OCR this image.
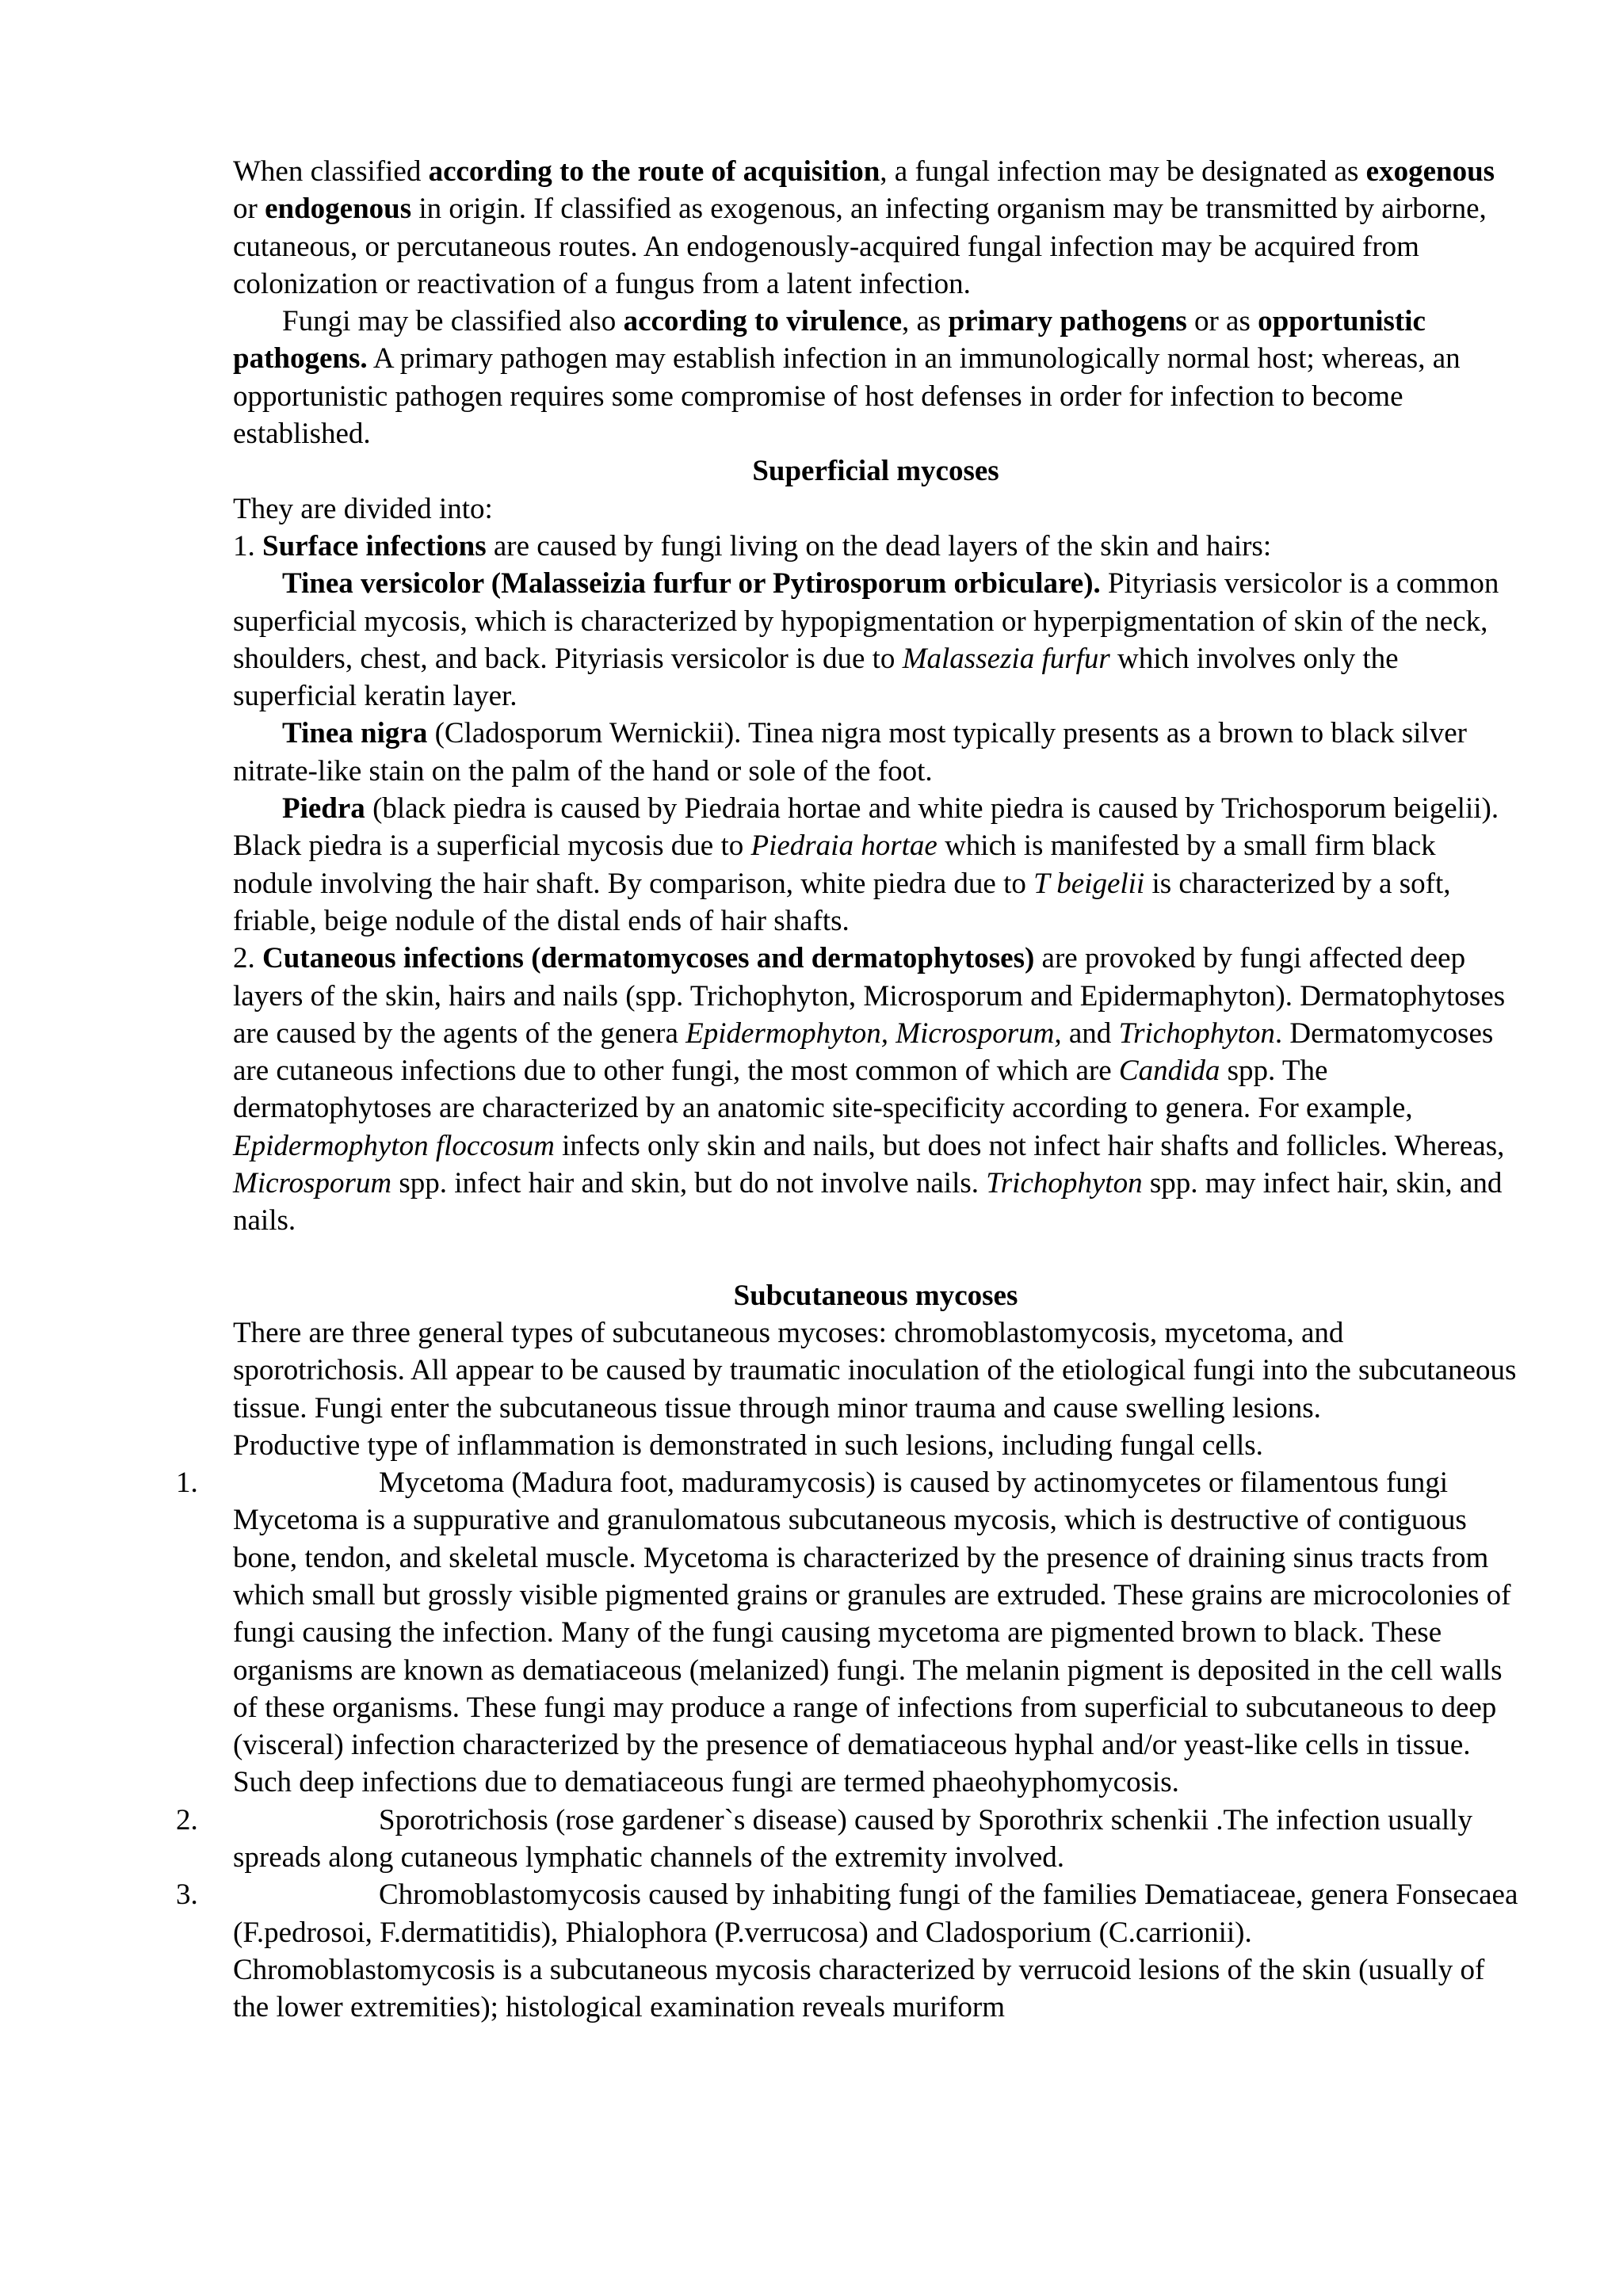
When classified according to the route of acquisition, a fungal infection may be designated as exogenous or endogenous in origin. If classified as exogenous, an infecting organism may be transmitted by airborne, cutaneous, or percutaneous routes. An endogenously-acquired fungal infection may be acquired from colonization or reactivation of a fungus from a latent infection.

Fungi may be classified also according to virulence, as primary pathogens or as opportunistic pathogens. A primary pathogen may establish infection in an immunologically normal host; whereas, an opportunistic pathogen requires some compromise of host defenses in order for infection to become established.

Superficial mycoses

They are divided into:

1. Surface infections are caused by fungi living on the dead layers of the skin and hairs:

Tinea versicolor (Malasseizia furfur or Pytirosporum orbiculare). Pityriasis versicolor is a common superficial mycosis, which is characterized by hypopigmentation or hyperpigmentation of skin of the neck, shoulders, chest, and back. Pityriasis versicolor is due to Malassezia furfur which involves only the superficial keratin layer.

Tinea nigra (Cladosporum Wernickii). Tinea nigra most typically presents as a brown to black silver nitrate-like stain on the palm of the hand or sole of the foot.

Piedra (black piedra is caused by Piedraia hortae and white piedra is caused by Trichosporum beigelii). Black piedra is a superficial mycosis due to Piedraia hortae which is manifested by a small firm black nodule involving the hair shaft. By comparison, white piedra due to T beigelii is characterized by a soft, friable, beige nodule of the distal ends of hair shafts.

2. Cutaneous infections (dermatomycoses and dermatophytoses) are provoked by fungi affected deep layers of the skin, hairs and nails (spp. Trichophyton, Microsporum and Epidermaphyton). Dermatophytoses are caused by the agents of the genera Epidermophyton, Microsporum, and Trichophyton. Dermatomycoses are cutaneous infections due to other fungi, the most common of which are Candida spp. The dermatophytoses are characterized by an anatomic site-specificity according to genera. For example, Epidermophyton floccosum infects only skin and nails, but does not infect hair shafts and follicles. Whereas, Microsporum spp. infect hair and skin, but do not involve nails. Trichophyton spp. may infect hair, skin, and nails.

Subcutaneous mycoses

There are three general types of subcutaneous mycoses: chromoblastomycosis, mycetoma, and sporotrichosis. All appear to be caused by traumatic inoculation of the etiological fungi into the subcutaneous tissue. Fungi enter the subcutaneous tissue through minor trauma and cause swelling lesions.

Productive type of inflammation is demonstrated in such lesions, including fungal cells.

1.	Mycetoma (Madura foot, maduramycosis) is caused by actinomycetes or filamentous fungi Mycetoma is a suppurative and granulomatous subcutaneous mycosis, which is destructive of contiguous bone, tendon, and skeletal muscle. Mycetoma is characterized by the presence of draining sinus tracts from which small but grossly visible pigmented grains or granules are extruded. These grains are microcolonies of fungi causing the infection. Many of the fungi causing mycetoma are pigmented brown to black. These organisms are known as dematiaceous (melanized) fungi. The melanin pigment is deposited in the cell walls of these organisms. These fungi may produce a range of infections from superficial to subcutaneous to deep (visceral) infection characterized by the presence of dematiaceous hyphal and/or yeast-like cells in tissue. Such deep infections due to dematiaceous fungi are termed phaeohyphomycosis.

2.	Sporotrichosis (rose gardener`s disease) caused by Sporothrix schenkii .The infection usually spreads along cutaneous lymphatic channels of the extremity involved.

3.	Chromoblastomycosis caused by inhabiting fungi of the families Dematiaceae, genera Fonsecaea (F.pedrosoi, F.dermatitidis), Phialophora (P.verrucosa) and Cladosporium (C.carrionii). Chromoblastomycosis is a subcutaneous mycosis characterized by verrucoid lesions of the skin (usually of the lower extremities); histological examination reveals muriform
